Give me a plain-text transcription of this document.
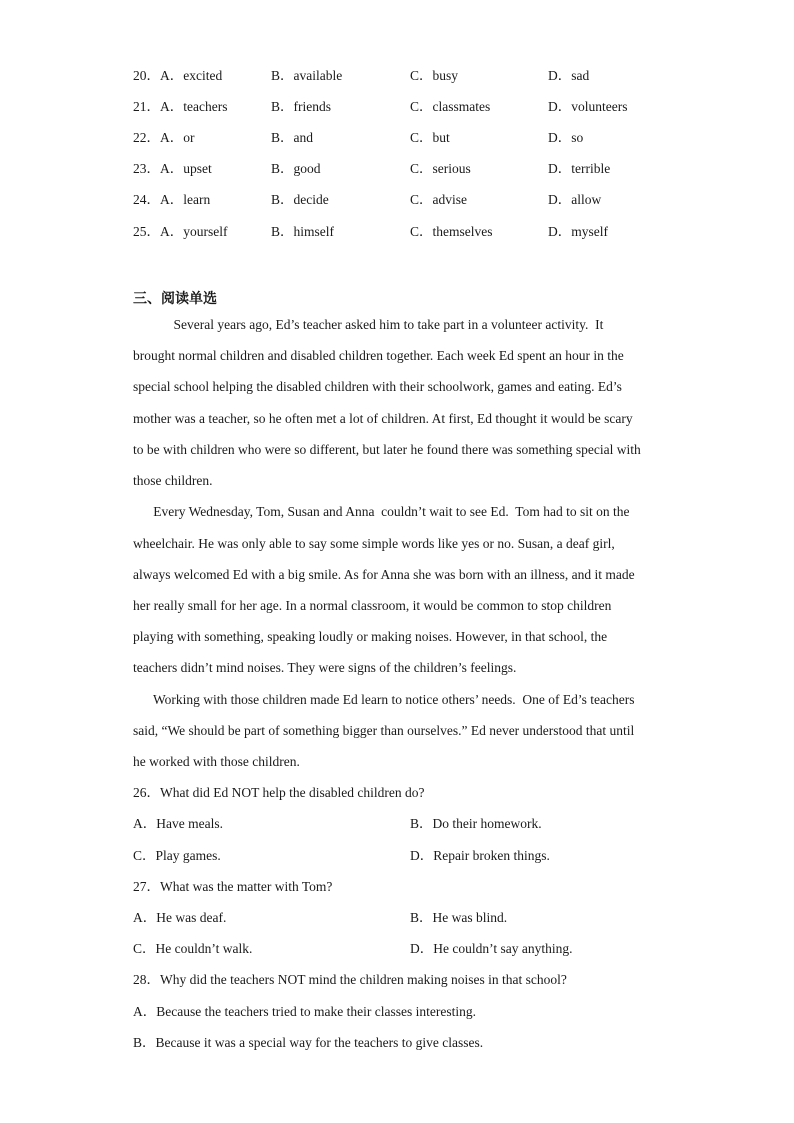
20．A．excited	B．available	C．busy	D．sad
21．A．teachers	B．friends	C．classmates	D．volunteers
22．A．or	B．and	C．but	D．so
23．A．upset	B．good	C．serious	D．terrible
24．A．learn	B．decide	C．advise	D．allow
25．A．yourself	B．himself	C．themselves	D．myself
三、阅读单选
Several years ago, Ed’s teacher asked him to take part in a volunteer activity.  It
brought normal children and disabled children together. Each week Ed spent an hour in the
special school helping the disabled children with their schoolwork, games and eating. Ed’s
mother was a teacher, so he often met a lot of children. At first, Ed thought it would be scary
to be with children who were so different, but later he found there was something special with
those children.
Every Wednesday, Tom, Susan and Anna  couldn’t wait to see Ed.  Tom had to sit on the
wheelchair. He was only able to say some simple words like yes or no. Susan, a deaf girl,
always welcomed Ed with a big smile. As for Anna she was born with an illness, and it made
her really small for her age. In a normal classroom, it would be common to stop children
playing with something, speaking loudly or making noises. However, in that school, the
teachers didn’t mind noises. They were signs of the children’s feelings.
Working with those children made Ed learn to notice others’ needs.  One of Ed’s teachers
said, “We should be part of something bigger than ourselves.” Ed never understood that until
he worked with those children.
26．What did Ed NOT help the disabled children do?
A．Have meals.	B．Do their homework.
C．Play games.	D．Repair broken things.
27．What was the matter with Tom?
A．He was deaf.	B．He was blind.
C．He couldn’t walk.	D．He couldn’t say anything.
28．Why did the teachers NOT mind the children making noises in that school?
A．Because the teachers tried to make their classes interesting.
B．Because it was a special way for the teachers to give classes.
